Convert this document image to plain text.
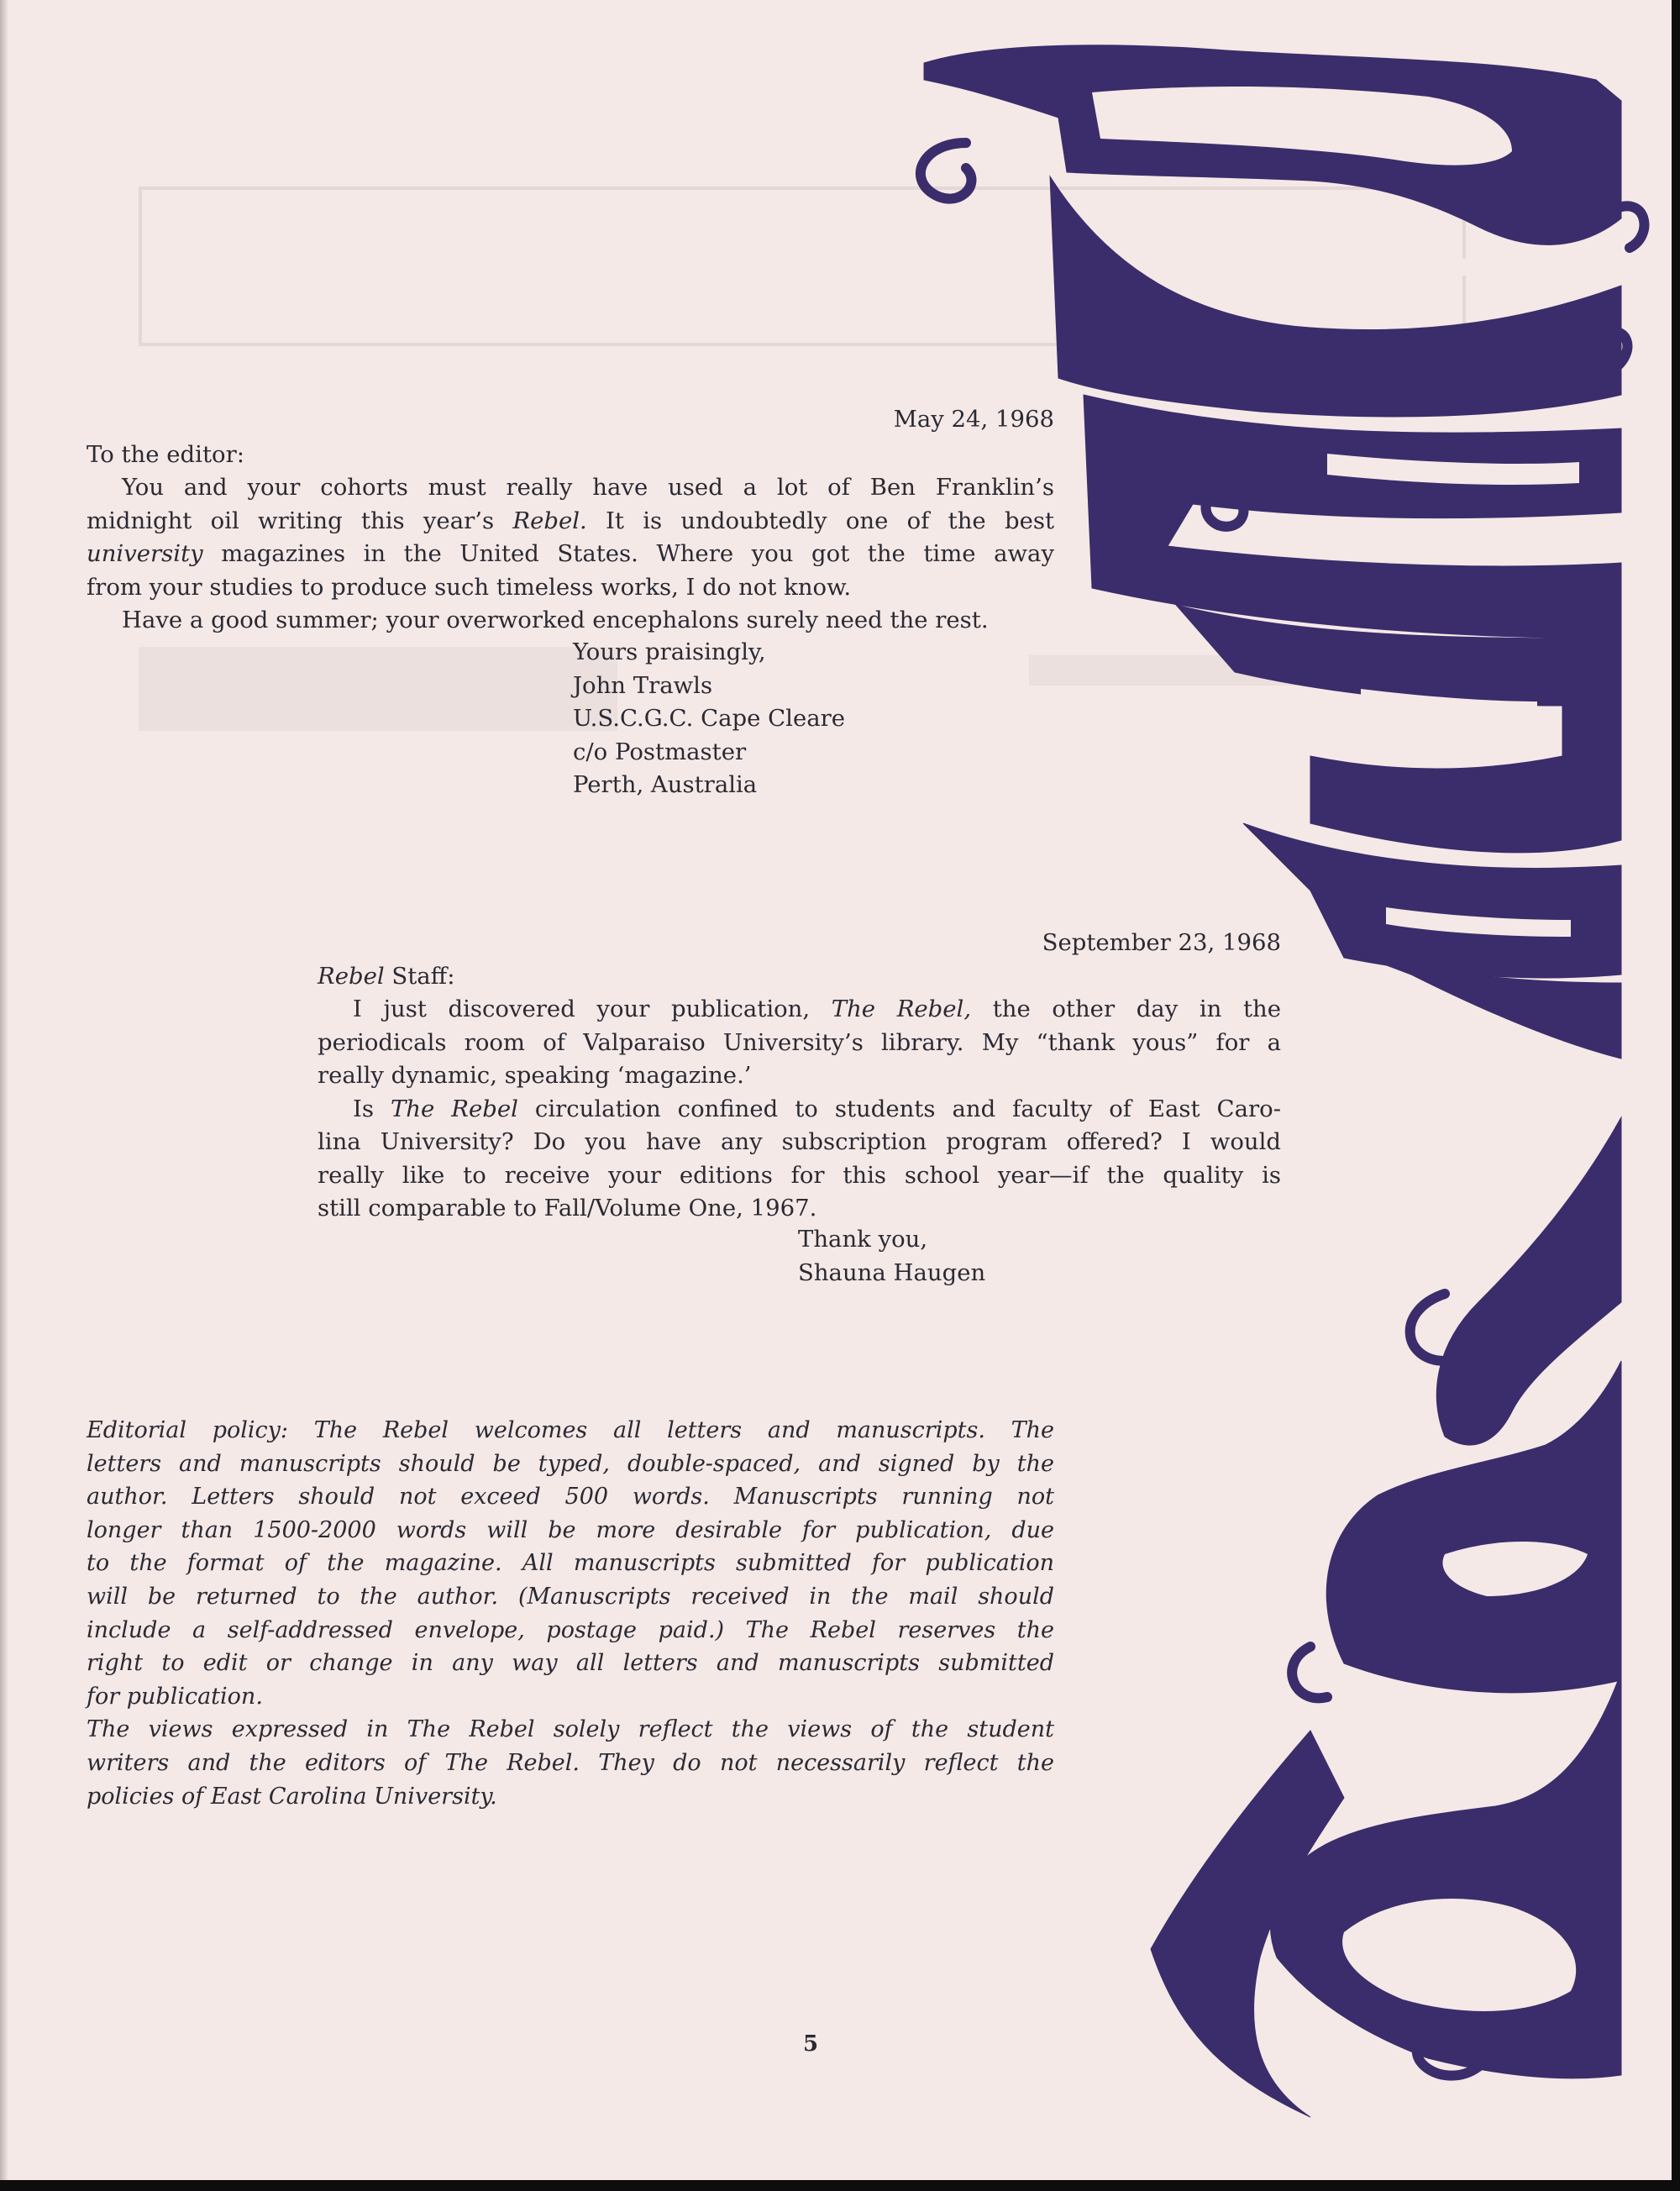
May 24, 1968

To the editor:

You and your cohorts must really have used a lot of Ben Franklin’s

midnight oil writing this year’s Rebel. It is undoubtedly one of the best

university magazines in the United States. Where you got the time away

from your studies to produce such timeless works, I do not know.

Have a good summer; your overworked encephalons surely need the rest.

Yours praisingly,
John Trawls
U.S.C.G.C. Cape Cleare
c/o Postmaster
Perth, Australia

September 23, 1968

Rebel Staff:

I just discovered your publication, The Rebel, the other day in the

periodicals room of Valparaiso University’s library. My “thank yous” for a

really dynamic, speaking ‘magazine.’

Is The Rebel circulation confined to students and faculty of East Caro-

lina University? Do you have any subscription program offered? I would

really like to receive your editions for this school year—if the quality is

still comparable to Fall/Volume One, 1967.

Thank you,
Shauna Haugen
Editorial policy: The Rebel welcomes all letters and manuscripts. The
letters and manuscripts should be typed, double-spaced, and signed by the
author. Letters should not exceed 500 words. Manuscripts running not
longer than 1500-2000 words will be more desirable for publication, due
to the format of the magazine. All manuscripts submitted for publication
will be returned to the author. (Manuscripts received in the mail should
include a self-addressed envelope, postage paid.) The Rebel reserves the
right to edit or change in any way all letters and manuscripts submitted
for publication.
The views expressed in The Rebel solely reflect the views of the student
writers and the editors of The Rebel. They do not necessarily reflect the
policies of East Carolina University.
5
